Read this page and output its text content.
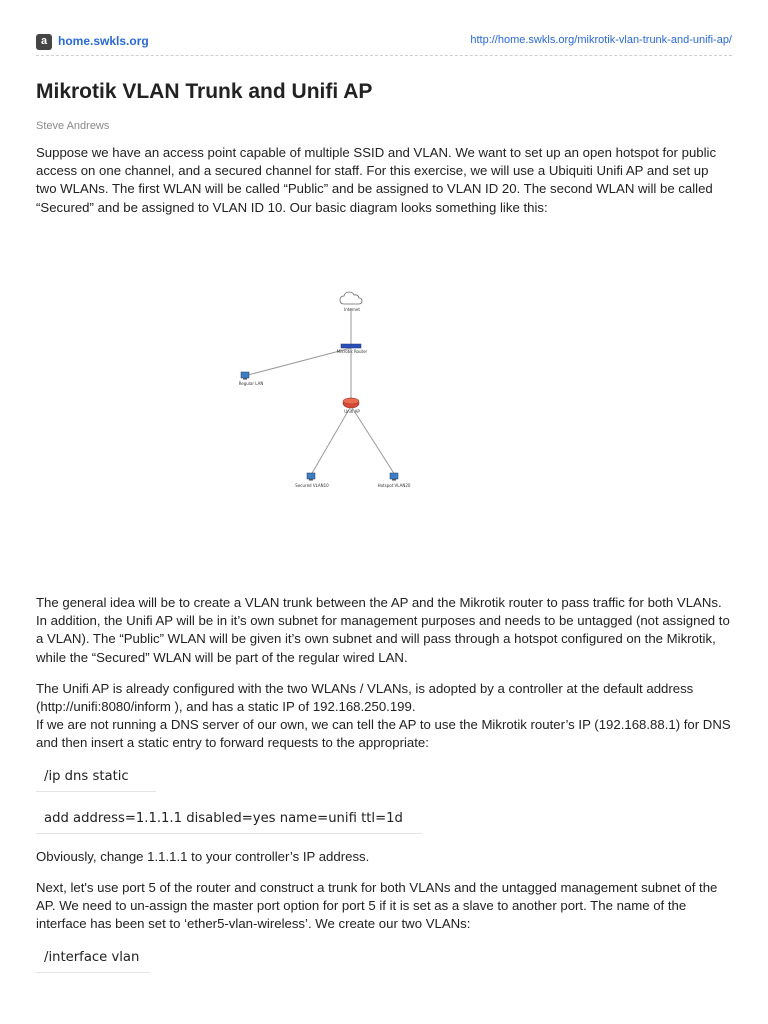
a home.swkls.org	http://home.swkls.org/mikrotik-vlan-trunk-and-unifi-ap/
Mikrotik VLAN Trunk and Unifi AP
Steve Andrews

Suppose we have an access point capable of multiple SSID and VLAN. We want to set up an open hotspot for public access on one channel, and a secured channel for staff. For this exercise, we will use a Ubiquiti Unifi AP and set up two WLANs. The first WLAN will be called “Public” and be assigned to VLAN ID 20. The second WLAN will be called “Secured” and be assigned to VLAN ID 10. Our basic diagram looks something like this:

Internet
Mikrotik Router
Regular LAN
Unifi AP
Secured VLAN10	Hotspot VLAN20

The general idea will be to create a VLAN trunk between the AP and the Mikrotik router to pass traffic for both VLANs. In addition, the Unifi AP will be in it’s own subnet for management purposes and needs to be untagged (not assigned to a VLAN). The “Public” WLAN will be given it’s own subnet and will pass through a hotspot configured on the Mikrotik, while the “Secured” WLAN will be part of the regular wired LAN.

The Unifi AP is already configured with the two WLANs / VLANs, is adopted by a controller at the default address (http://unifi:8080/inform ), and has a static IP of 192.168.250.199.

If we are not running a DNS server of our own, we can tell the AP to use the Mikrotik router’s IP (192.168.88.1) for DNS and then insert a static entry to forward requests to the appropriate:

/ip dns static
add address=1.1.1.1 disabled=yes name=unifi ttl=1d

Obviously, change 1.1.1.1 to your controller’s IP address.

Next, let's use port 5 of the router and construct a trunk for both VLANs and the untagged management subnet of the AP. We need to un-assign the master port option for port 5 if it is set as a slave to another port. The name of the interface has been set to ‘ether5-vlan-wireless’. We create our two VLANs:

/interface vlan
